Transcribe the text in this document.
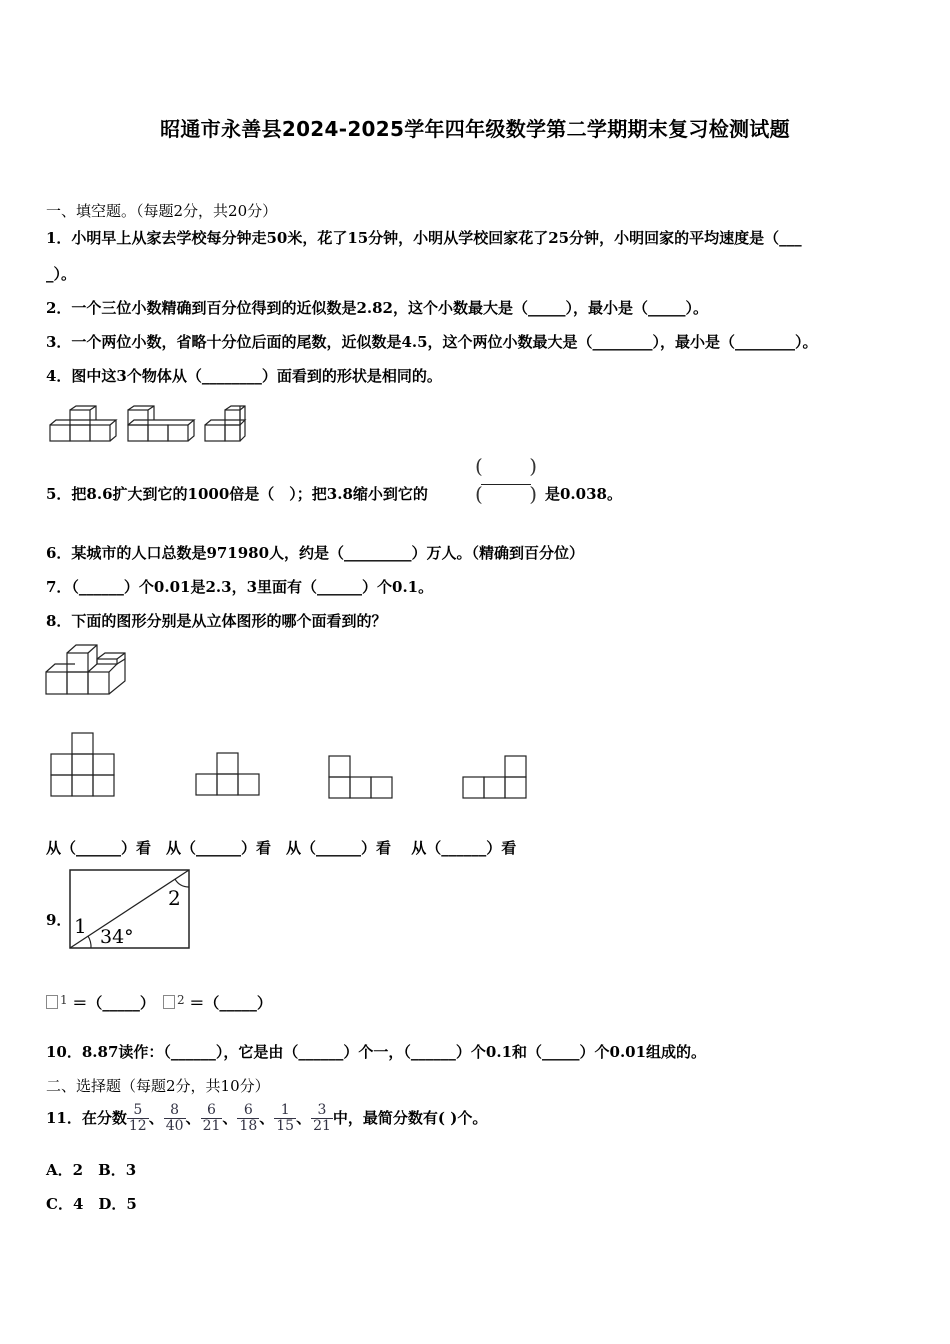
昭通市永善县2024-2025学年四年级数学第二学期期末复习检测试题
一、填空题。（每题2分，共20分）
1．小明早上从家去学校每分钟走50米，花了15分钟，小明从学校回家花了25分钟，小明回家的平均速度是（___
_）。
2．一个三位小数精确到百分位得到的近似数是2.82，这个小数最大是（_____），最小是（_____）。
3．一个两位小数，省略十分位后面的尾数，近似数是4.5，这个两位小数最大是（________），最小是（________）。
4．图中这3个物体从（________）面看到的形状是相同的。
5．把8.6扩大到它的1000倍是（　）；把3.8缩小到它的
( )
( ) 是0.038。
6．某城市的人口总数是971980人，约是（_________）万人。（精确到百分位）
7．（______）个0.01是2.3，3里面有（______）个0.1。
8．下面的图形分别是从立体图形的哪个面看到的？
从（______）看　从（______）看　从（______）看　 从（______）看
9． 1
2
34°
$^1$ ＝（_____）	$^2$ ＝（_____）
10．8.87读作：（______），它是由（______）个一，（______）个0.1和（_____）个0.01组成的。
二、选择题（每题2分，共10分）
11．在分数 $\frac{5}{12}$ 、 $\frac{8}{40}$ 、 $\frac{6}{21}$ 、 $\frac{6}{18}$ 、 $\frac{1}{15}$ 、 $\frac{3}{21}$ 中，最简分数有( )个。
A．2　B．3
C．4　D．5
